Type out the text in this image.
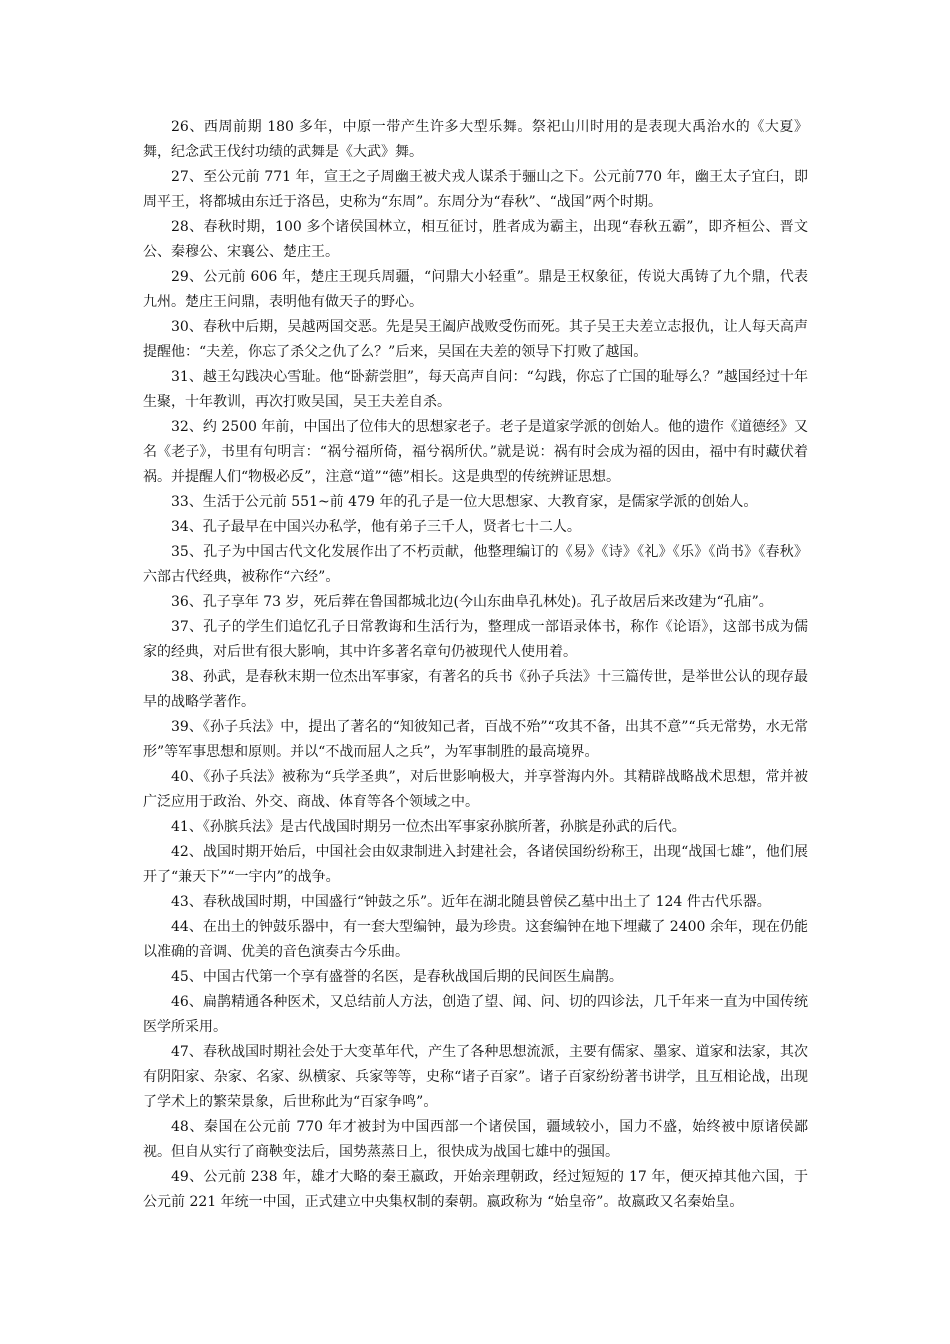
26、西周前期 180 多年，中原一带产生许多大型乐舞。祭祀山川时用的是表现大禹治水的《大夏》舞，纪念武王伐纣功绩的武舞是《大武》舞。

27、至公元前 771 年，宣王之子周幽王被犬戎人谋杀于骊山之下。公元前770 年，幽王太子宜臼，即周平王，将都城由东迁于洛邑，史称为“东周”。东周分为“春秋”、“战国”两个时期。

28、春秋时期，100 多个诸侯国林立，相互征讨，胜者成为霸主，出现“春秋五霸”，即齐桓公、晋文公、秦穆公、宋襄公、楚庄王。

29、公元前 606 年，楚庄王现兵周疆，“问鼎大小轻重”。鼎是王权象征，传说大禹铸了九个鼎，代表九州。楚庄王问鼎，表明他有做天子的野心。

30、春秋中后期，吴越两国交恶。先是吴王阖庐战败受伤而死。其子吴王夫差立志报仇，让人每天高声提醒他：“夫差，你忘了杀父之仇了么？”后来，吴国在夫差的领导下打败了越国。

31、越王勾践决心雪耻。他“卧薪尝胆”，每天高声自问：“勾践，你忘了亡国的耻辱么？”越国经过十年生聚，十年教训，再次打败吴国，吴王夫差自杀。

32、约 2500 年前，中国出了位伟大的思想家老子。老子是道家学派的创始人。他的遗作《道德经》又名《老子》，书里有句明言：“祸兮福所倚，福兮祸所伏。”就是说：祸有时会成为福的因由，福中有时藏伏着祸。并提醒人们“物极必反”，注意“道”“德”相长。这是典型的传统辨证思想。

33、生活于公元前 551~前 479 年的孔子是一位大思想家、大教育家，是儒家学派的创始人。

34、孔子最早在中国兴办私学，他有弟子三千人，贤者七十二人。

35、孔子为中国古代文化发展作出了不朽贡献，他整理编订的《易》《诗》《礼》《乐》《尚书》《春秋》六部古代经典，被称作“六经”。

36、孔子享年 73 岁，死后葬在鲁国都城北边(今山东曲阜孔林处)。孔子故居后来改建为“孔庙”。

37、孔子的学生们追忆孔子日常教诲和生活行为，整理成一部语录体书，称作《论语》，这部书成为儒家的经典，对后世有很大影响，其中许多著名章句仍被现代人使用着。

38、孙武，是春秋末期一位杰出军事家，有著名的兵书《孙子兵法》十三篇传世，是举世公认的现存最早的战略学著作。

39、《孙子兵法》中，提出了著名的“知彼知己者，百战不殆”“攻其不备，出其不意”“兵无常势，水无常形”等军事思想和原则。并以“不战而屈人之兵”，为军事制胜的最高境界。

40、《孙子兵法》被称为“兵学圣典”，对后世影响极大，并享誉海内外。其精辟战略战术思想，常并被广泛应用于政治、外交、商战、体育等各个领域之中。

41、《孙膑兵法》是古代战国时期另一位杰出军事家孙膑所著，孙膑是孙武的后代。

42、战国时期开始后，中国社会由奴隶制进入封建社会，各诸侯国纷纷称王，出现“战国七雄”，他们展开了“兼天下”“一宇内”的战争。

43、春秋战国时期，中国盛行“钟鼓之乐”。近年在湖北随县曾侯乙墓中出土了 124 件古代乐器。

44、在出土的钟鼓乐器中，有一套大型编钟，最为珍贵。这套编钟在地下埋藏了 2400 余年，现在仍能以准确的音调、优美的音色演奏古今乐曲。

45、中国古代第一个享有盛誉的名医，是春秋战国后期的民间医生扁鹊。

46、扁鹊精通各种医术，又总结前人方法，创造了望、闻、问、切的四诊法，几千年来一直为中国传统医学所采用。

47、春秋战国时期社会处于大变革年代，产生了各种思想流派，主要有儒家、墨家、道家和法家，其次有阴阳家、杂家、名家、纵横家、兵家等等，史称“诸子百家”。诸子百家纷纷著书讲学，且互相论战，出现了学术上的繁荣景象，后世称此为“百家争鸣”。

48、秦国在公元前 770 年才被封为中国西部一个诸侯国，疆域较小，国力不盛，始终被中原诸侯鄙视。但自从实行了商鞅变法后，国势蒸蒸日上，很快成为战国七雄中的强国。

49、公元前 238 年，雄才大略的秦王嬴政，开始亲理朝政，经过短短的 17 年，便灭掉其他六国，于公元前 221 年统一中国，正式建立中央集权制的秦朝。嬴政称为 “始皇帝”。故嬴政又名秦始皇。
